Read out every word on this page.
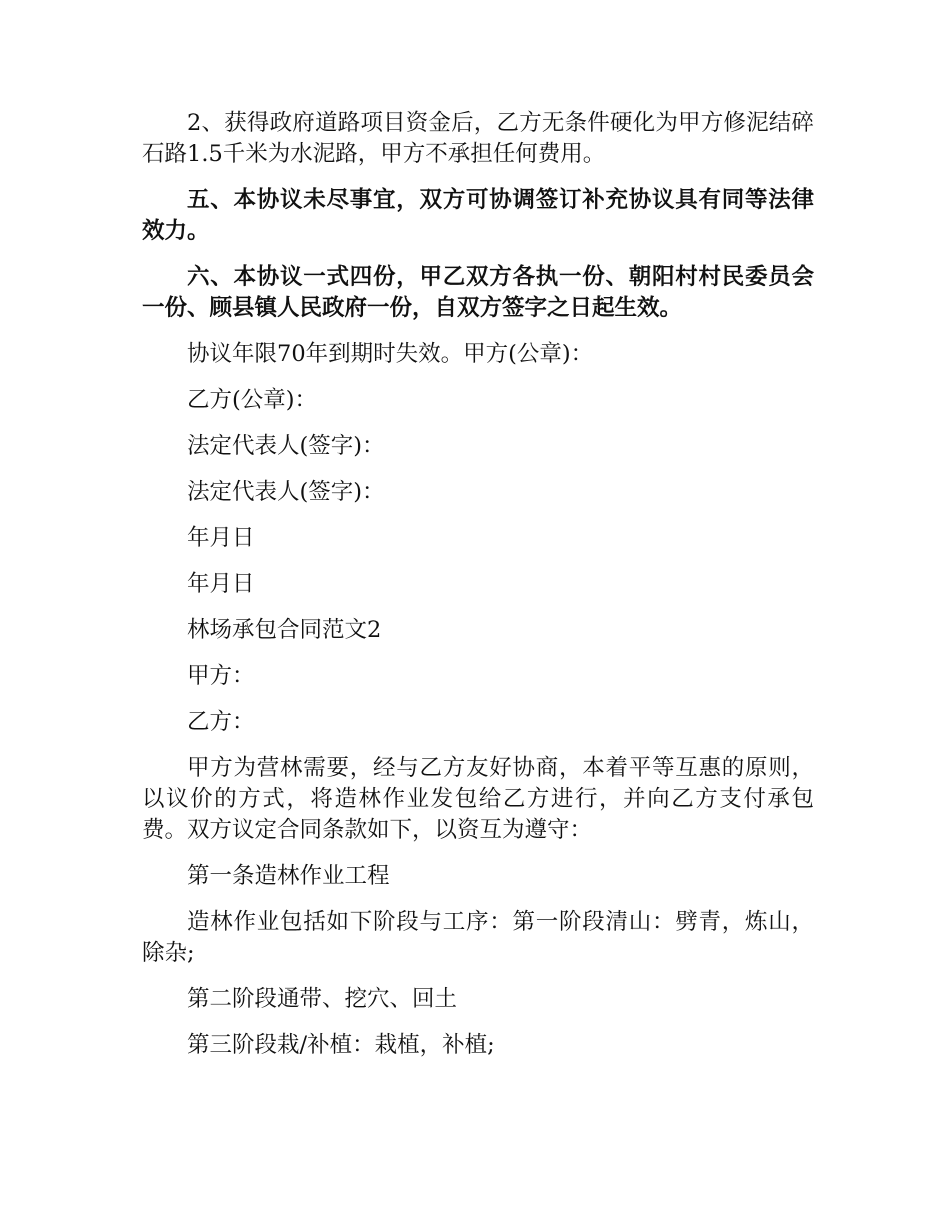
2、获得政府道路项目资金后，乙方无条件硬化为甲方修泥结碎石路1.5千米为水泥路，甲方不承担任何费用。

五、本协议未尽事宜，双方可协调签订补充协议具有同等法律效力。

六、本协议一式四份，甲乙双方各执一份、朝阳村村民委员会一份、顾县镇人民政府一份，自双方签字之日起生效。

协议年限70年到期时失效。甲方(公章)：

乙方(公章)：

法定代表人(签字)：

法定代表人(签字)：

年月日

年月日

林场承包合同范文2

甲方：

乙方：

甲方为营林需要，经与乙方友好协商，本着平等互惠的原则，以议价的方式，将造林作业发包给乙方进行，并向乙方支付承包费。双方议定合同条款如下，以资互为遵守：

第一条造林作业工程

造林作业包括如下阶段与工序：第一阶段清山：劈青，炼山，除杂;

第二阶段通带、挖穴、回土

第三阶段栽/补植：栽植，补植;
